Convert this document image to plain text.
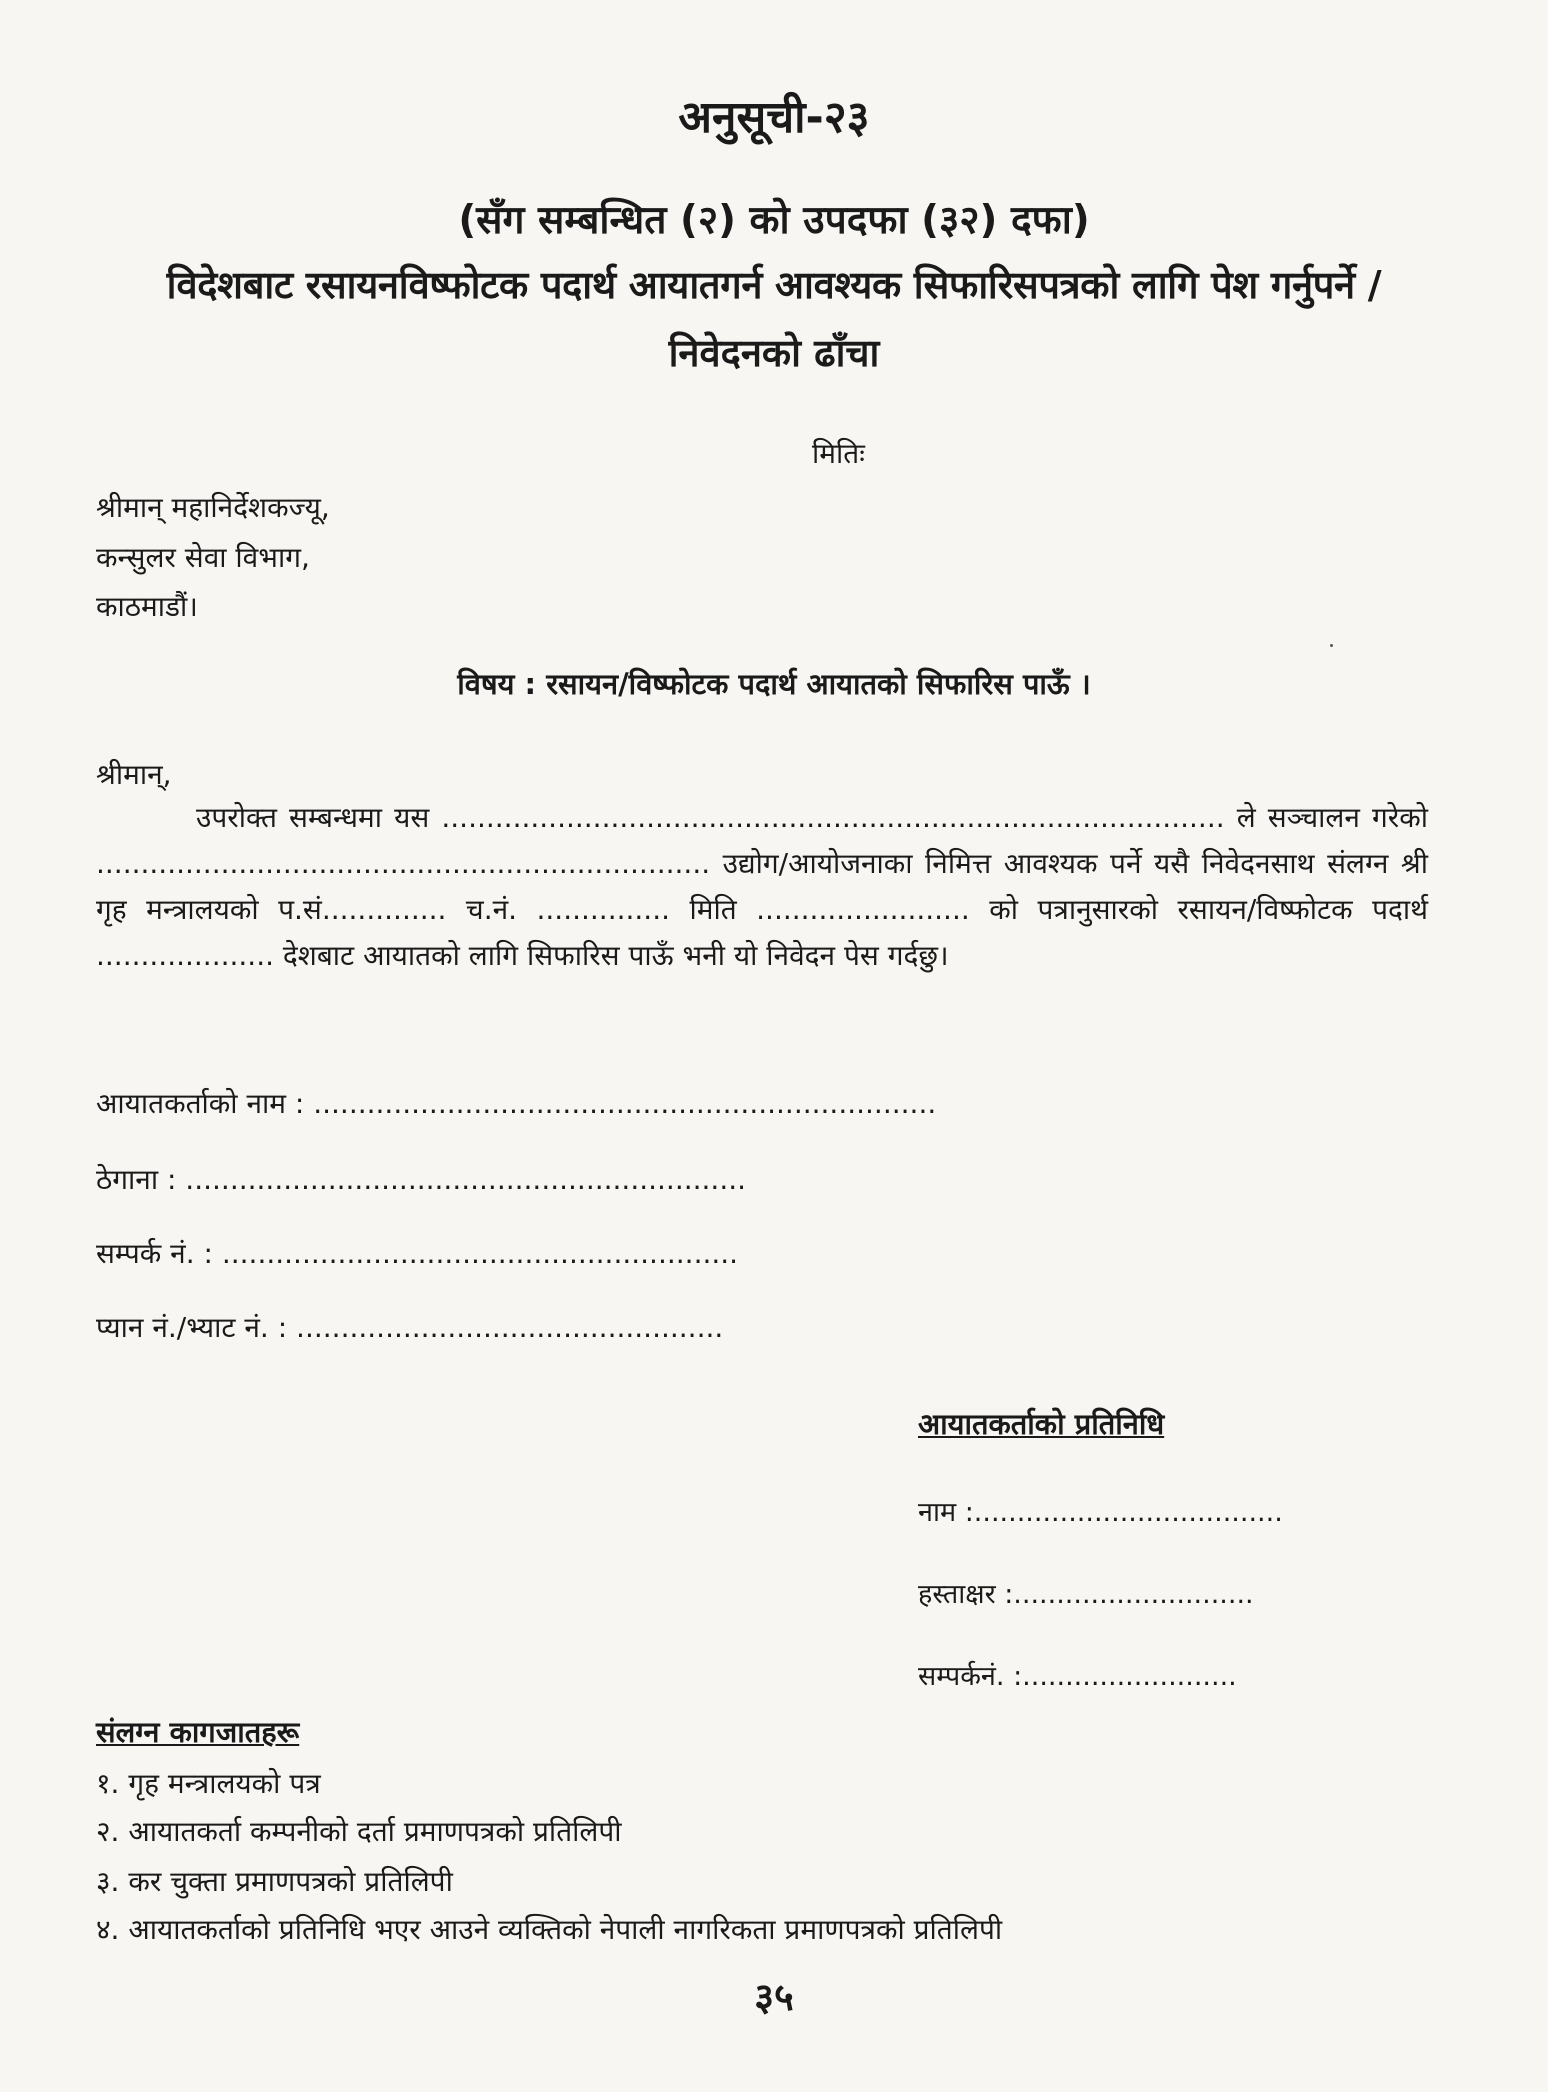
अनुसूची-२३
(सँग सम्बन्धित (२) को उपदफा (३२) दफा)
विदेशबाट रसायनविष्फोटक पदार्थ आयातगर्न आवश्यक सिफारिसपत्रको लागि पेश गर्नुपर्ने /
निवेदनको ढाँचा
मितिः
श्रीमान् महानिर्देशकज्यू,
कन्सुलर सेवा विभाग,
काठमाडौं।
विषय : रसायन/विष्फोटक पदार्थ आयातको सिफारिस पाऊँ ।
श्रीमान्,
उपरोक्त सम्बन्धमा यस ........................................................................................ ले सञ्चालन गरेको ..................................................................... उद्योग/आयोजनाका निमित्त आवश्यक पर्ने यसै निवेदनसाथ संलग्न श्री गृह मन्त्रालयको प.सं.............. च.नं. ............... मिति ........................ को पत्रानुसारको रसायन/विष्फोटक पदार्थ .................... देशबाट आयातको लागि सिफारिस पाऊँ भनी यो निवेदन पेस गर्दछु।
आयातकर्ताको नाम : ......................................................................
ठेगाना : ...............................................................
सम्पर्क नं. : ..........................................................
प्यान नं./भ्याट नं. : ................................................
आयातकर्ताको प्रतिनिधि
नाम :....................................
हस्ताक्षर :............................
सम्पर्कनं. :.........................
संलग्न कागजातहरू
१. गृह मन्त्रालयको पत्र
२. आयातकर्ता कम्पनीको दर्ता प्रमाणपत्रको प्रतिलिपी
३. कर चुक्ता प्रमाणपत्रको प्रतिलिपी
४. आयातकर्ताको प्रतिनिधि भएर आउने व्यक्तिको नेपाली नागरिकता प्रमाणपत्रको प्रतिलिपी
३५
